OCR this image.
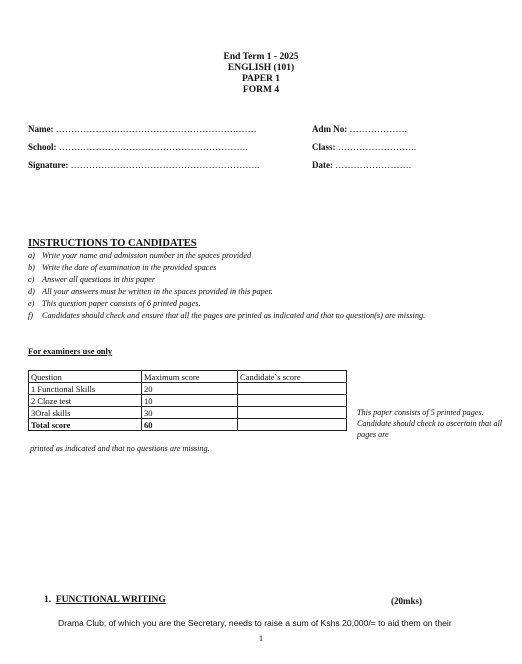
End Term 1 - 2025
ENGLISH (101)
PAPER 1
FORM 4
Name: ………………….……………………………….…….	Adm No: ……………….
School: ……………………………………………………..	Class: ……………………..
Signature: ……………………………………………………..	Date: …………………….
INSTRUCTIONS TO CANDIDATES
a) Write your name and admission number in the spaces provided
b) Write the date of examination in the provided spaces
c) Answer all questions in this paper
d) All your answers must be written in the spaces provided in this paper.
e) This question paper consists of 6 printed pages.
f) Candidates should check and ensure that all the pages are printed as indicated and that no question(s) are missing.
For examiners use only
Question	Maximum score	Candidate`s score
1 Functional Skills	20	
2 Cloze test	10	
3Oral skills	30	
Total score	60	
This paper consists of 5 printed pages. Candidate should check to ascertain that all pages are
printed as indicated and that no questions are missing.
1. FUNCTIONAL WRITING	(20mks)
Drama Club, of which you are the Secretary, needs to raise a sum of Kshs 20,000/= to aid them on their
1
